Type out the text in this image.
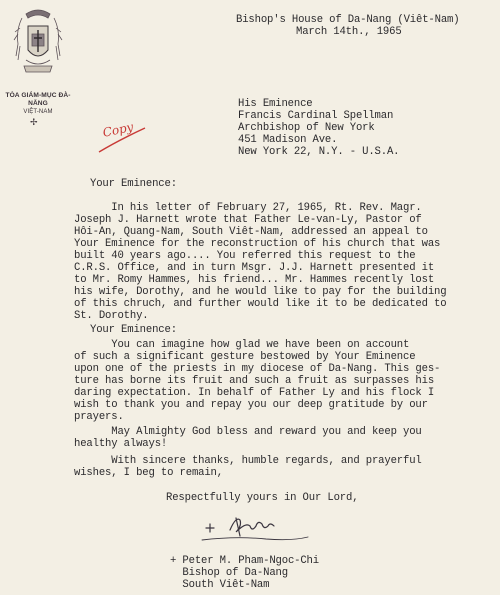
TÒA GIÁM-MỤC ĐÀ-NẴNG
VIỆT-NAM
✢
Bishop's House of Da-Nang (Viêt-Nam)
March 14th., 1965
His Eminence
Francis Cardinal Spellman
Archbishop of New York
451 Madison Ave.
New York 22, N.Y. - U.S.A.
Copy
Your Eminence:
In his letter of February 27, 1965, Rt. Rev. Magr.
Joseph J. Harnett wrote that Father Le-van-Ly, Pastor of
Hôi-An, Quang-Nam, South Viêt-Nam, addressed an appeal to
Your Eminence for the reconstruction of his church that was
built 40 years ago.... You referred this request to the
C.R.S. Office, and in turn Msgr. J.J. Harnett presented it
to Mr. Romy Hammes, his friend... Mr. Hammes recently lost
his wife, Dorothy, and he would like to pay for the building
of this chruch, and further would like it to be dedicated to
St. Dorothy.
Your Eminence:
You can imagine how glad we have been on account
of such a significant gesture bestowed by Your Eminence
upon one of the priests in my diocese of Da-Nang. This ges-
ture has borne its fruit and such a fruit as surpasses his
daring expectation. In behalf of Father Ly and his flock I
wish to thank you and repay you our deep gratitude by our
prayers.
May Almighty God bless and reward you and keep you
healthy always!
With sincere thanks, humble regards, and prayerful
wishes, I beg to remain,
Respectfully yours in Our Lord,
+ Peter M. Pham-Ngoc-Chi
Bishop of Da-Nang
South Viêt-Nam
